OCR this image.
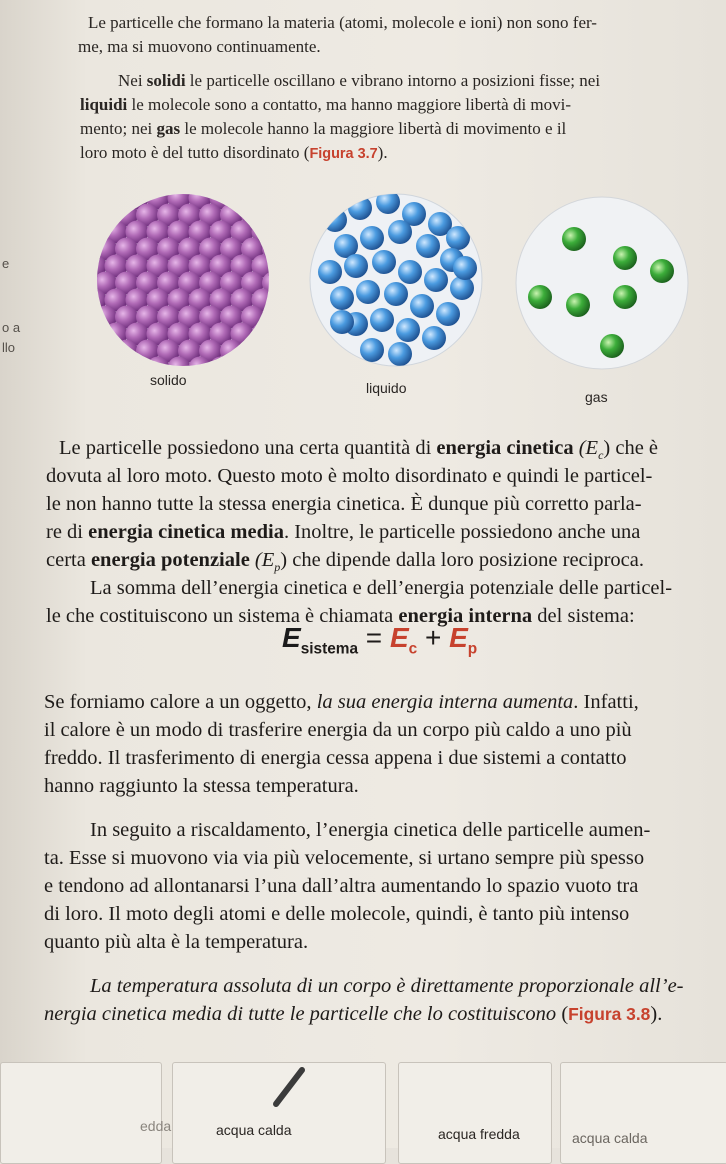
Le particelle che formano la materia (atomi, molecole e ioni) non sono fer-

me, ma si muovono continuamente.

Nei solidi le particelle oscillano e vibrano intorno a posizioni fisse; nei

liquidi le molecole sono a contatto, ma hanno maggiore libertà di movi-

mento; nei gas le molecole hanno la maggiore libertà di movimento e il

loro moto è del tutto disordinato (Figura 3.7).

e
o a
llo
solido	liquido
gas

Le particelle possiedono una certa quantità di energia cinetica $(E_c)$ che è

dovuta al loro moto. Questo moto è molto disordinato e quindi le particel-

le non hanno tutte la stessa energia cinetica. È dunque più corretto parla-

re di energia cinetica media. Inoltre, le particelle possiedono anche una

certa energia potenziale $(E_p)$ che dipende dalla loro posizione reciproca.

La somma dell’energia cinetica e dell’energia potenziale delle particel-

le che costituiscono un sistema è chiamata energia interna del sistema:

$E_{sistema} = E_c + E_p$

Se forniamo calore a un oggetto, la sua energia interna aumenta. Infatti,

il calore è un modo di trasferire energia da un corpo più caldo a uno più

freddo. Il trasferimento di energia cessa appena i due sistemi a contatto

hanno raggiunto la stessa temperatura.

In seguito a riscaldamento, l’energia cinetica delle particelle aumen-

ta. Esse si muovono via via più velocemente, si urtano sempre più spesso

e tendono ad allontanarsi l’una dall’altra aumentando lo spazio vuoto tra

di loro. Il moto degli atomi e delle molecole, quindi, è tanto più intenso

quanto più alta è la temperatura.

La temperatura assoluta di un corpo è direttamente proporzionale all’e-

nergia cinetica media di tutte le particelle che lo costituiscono (Figura 3.8).

edda	acqua calda	acqua fredda	acqua calda
